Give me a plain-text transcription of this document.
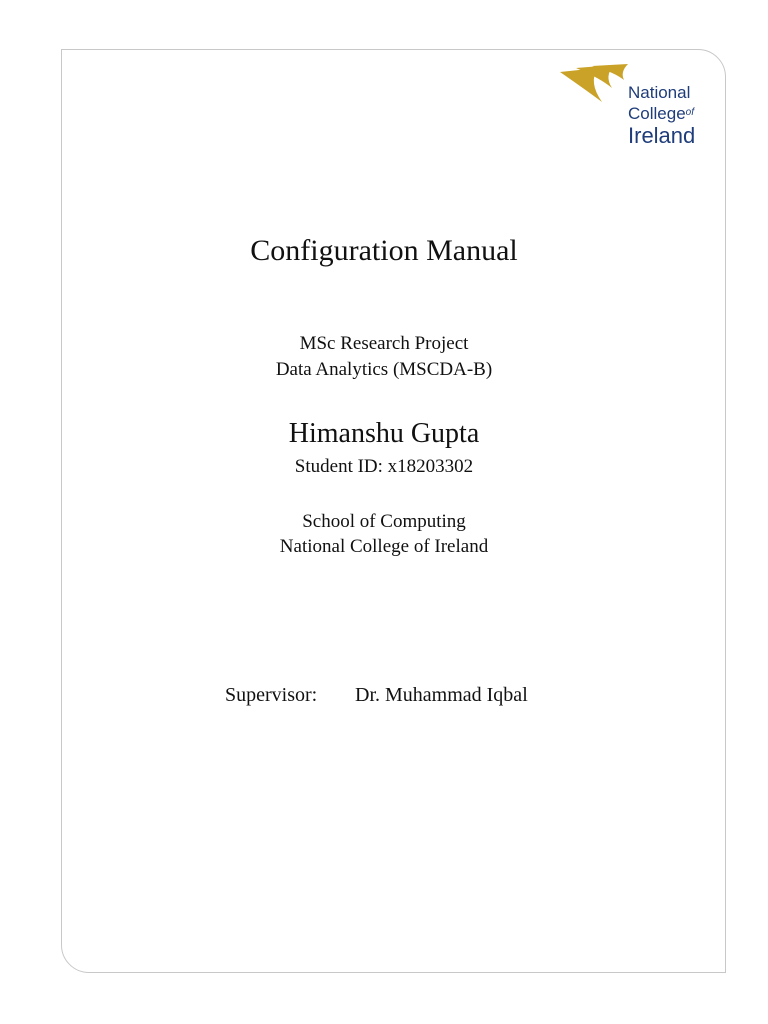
National
College$^{of}$
Ireland
Configuration Manual
MSc Research Project
Data Analytics (MSCDA-B)
Himanshu Gupta
Student ID: x18203302
School of Computing
National College of Ireland
Supervisor: Dr. Muhammad Iqbal
